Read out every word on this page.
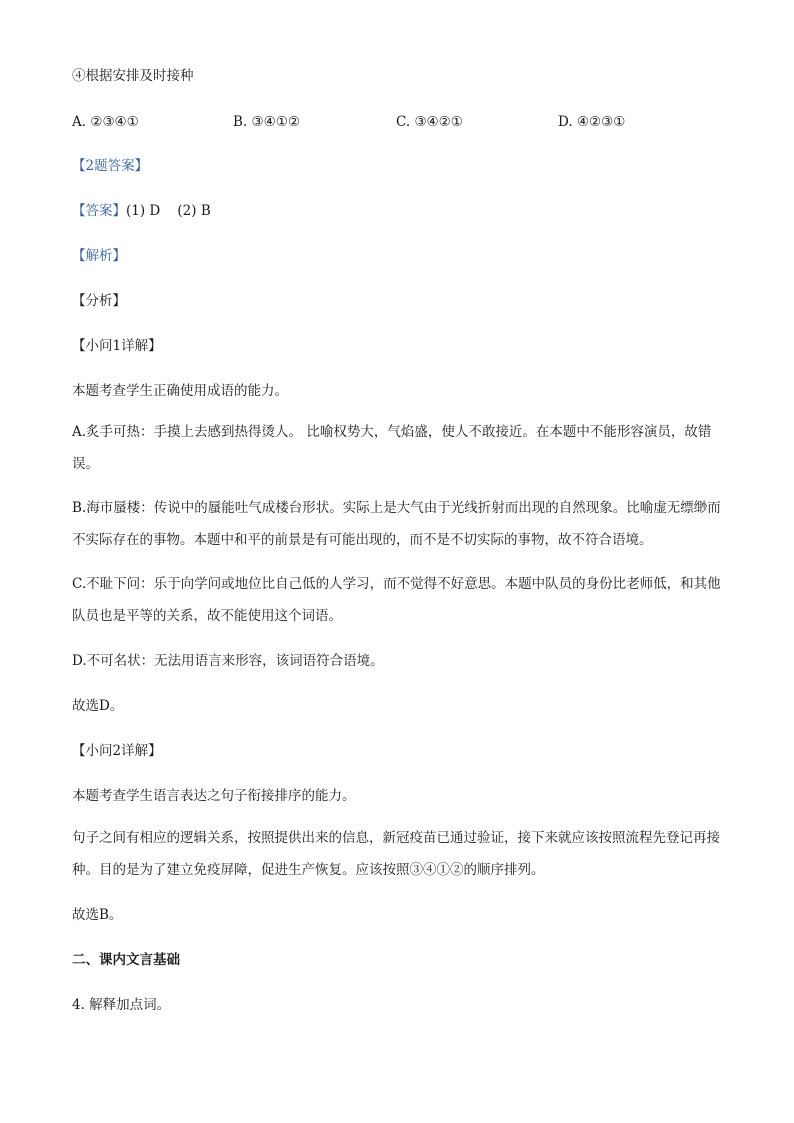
④根据安排及时接种
A. ②③④①	B. ③④①②	C. ③④②①	D. ④②③①
【2题答案】
【答案】(1) D    (2) B
【解析】
【分析】
【小问1详解】
本题考查学生正确使用成语的能力。
A.炙手可热：手摸上去感到热得烫人。 比喻权势大，气焰盛，使人不敢接近。在本题中不能形容演员，故错误。
B.海市蜃楼：传说中的蜃能吐气成楼台形状。实际上是大气由于光线折射而出现的自然现象。比喻虚无缥缈而不实际存在的事物。本题中和平的前景是有可能出现的，而不是不切实际的事物，故不符合语境。
C.不耻下问：乐于向学问或地位比自己低的人学习，而不觉得不好意思。本题中队员的身份比老师低，和其他队员也是平等的关系，故不能使用这个词语。
D.不可名状：无法用语言来形容，该词语符合语境。
故选D。
【小问2详解】
本题考查学生语言表达之句子衔接排序的能力。
句子之间有相应的逻辑关系，按照提供出来的信息，新冠疫苗已通过验证，接下来就应该按照流程先登记再接种。目的是为了建立免疫屏障，促进生产恢复。应该按照③④①②的顺序排列。
故选B。
二、课内文言基础
4. 解释加点词。
